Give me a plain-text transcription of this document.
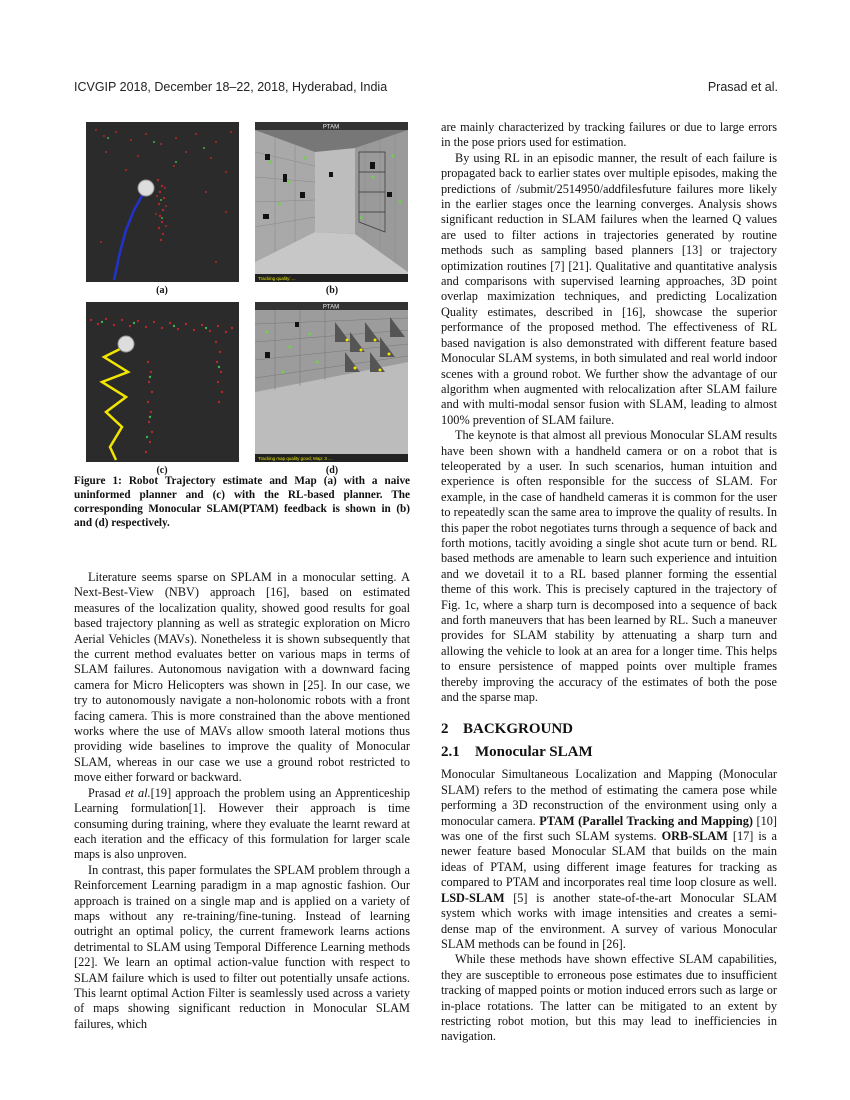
ICVGIP 2018, December 18–22, 2018, Hyderabad, India	Prasad et al.
PTAM
Tracking quality: ...
PTAM
Tracking map quality good; Map: 3 ...
(a)	(b)
(c)	(d)
Figure 1: Robot Trajectory estimate and Map (a) with a naive uninformed planner and (c) with the RL-based planner. The corresponding Monocular SLAM(PTAM) feedback is shown in (b) and (d) respectively.

Literature seems sparse on SPLAM in a monocular setting. A Next-Best-View (NBV) approach [16], based on estimated measures of the localization quality, showed good results for goal based trajectory planning as well as strategic exploration on Micro Aerial Vehicles (MAVs). Nonetheless it is shown subsequently that the current method evaluates better on various maps in terms of SLAM failures. Autonomous navigation with a downward facing camera for Micro Helicopters was shown in [25]. In our case, we try to autonomously navigate a non-holonomic robots with a front facing camera. This is more constrained than the above mentioned works where the use of MAVs allow smooth lateral motions thus providing wide baselines to improve the quality of Monocular SLAM, whereas in our case we use a ground robot restricted to move either forward or backward.

Prasad et al.[19] approach the problem using an Apprenticeship Learning formulation[1]. However their approach is time consuming during training, where they evaluate the learnt reward at each iteration and the efficacy of this formulation for larger scale maps is also unproven.

In contrast, this paper formulates the SPLAM problem through a Reinforcement Learning paradigm in a map agnostic fashion. Our approach is trained on a single map and is applied on a variety of maps without any re-training/fine-tuning. Instead of learning outright an optimal policy, the current framework learns actions detrimental to SLAM using Temporal Difference Learning methods [22]. We learn an optimal action-value function with respect to SLAM failure which is used to filter out potentially unsafe actions. This learnt optimal Action Filter is seamlessly used across a variety of maps showing significant reduction in Monocular SLAM failures, which

are mainly characterized by tracking failures or due to large errors in the pose priors used for estimation.

By using RL in an episodic manner, the result of each failure is propagated back to earlier states over multiple episodes, making the predictions of /submit/2514950/addfilesfuture failures more likely in the earlier stages once the learning converges. Analysis shows significant reduction in SLAM failures when the learned Q values are used to filter actions in trajectories generated by routine methods such as sampling based planners [13] or trajectory optimization routines [7] [21]. Qualitative and quantitative analysis and comparisons with supervised learning approaches, 3D point overlap maximization techniques, and predicting Localization Quality estimates, described in [16], showcase the superior performance of the proposed method. The effectiveness of RL based navigation is also demonstrated with different feature based Monocular SLAM systems, in both simulated and real world indoor scenes with a ground robot. We further show the advantage of our algorithm when augmented with relocalization after SLAM failure and with multi-modal sensor fusion with SLAM, leading to almost 100% prevention of SLAM failure.

The keynote is that almost all previous Monocular SLAM results have been shown with a handheld camera or on a robot that is teleoperated by a user. In such scenarios, human intuition and experience is often responsible for the success of SLAM. For example, in the case of handheld cameras it is common for the user to repeatedly scan the same area to improve the quality of results. In this paper the robot negotiates turns through a sequence of back and forth motions, tacitly avoiding a single shot acute turn or bend. RL based methods are amenable to learn such experience and intuition and we dovetail it to a RL based planner forming the essential theme of this work. This is precisely captured in the trajectory of Fig. 1c, where a sharp turn is decomposed into a sequence of back and forth maneuvers that has been learned by RL. Such a maneuver provides for SLAM stability by attenuating a sharp turn and allowing the vehicle to look at an area for a longer time. This helps to ensure persistence of mapped points over multiple frames thereby improving the accuracy of the estimates of both the pose and the sparse map.

2 BACKGROUND
2.1 Monocular SLAM

Monocular Simultaneous Localization and Mapping (Monocular SLAM) refers to the method of estimating the camera pose while performing a 3D reconstruction of the environment using only a monocular camera. PTAM (Parallel Tracking and Mapping) [10] was one of the first such SLAM systems. ORB-SLAM [17] is a newer feature based Monocular SLAM that builds on the main ideas of PTAM, using different image features for tracking as compared to PTAM and incorporates real time loop closure as well. LSD-SLAM [5] is another state-of-the-art Monocular SLAM system which works with image intensities and creates a semi-dense map of the environment. A survey of various Monocular SLAM methods can be found in [26].

While these methods have shown effective SLAM capabilities, they are susceptible to erroneous pose estimates due to insufficient tracking of mapped points or motion induced errors such as large or in-place rotations. The latter can be mitigated to an extent by restricting robot motion, but this may lead to inefficiencies in navigation.
